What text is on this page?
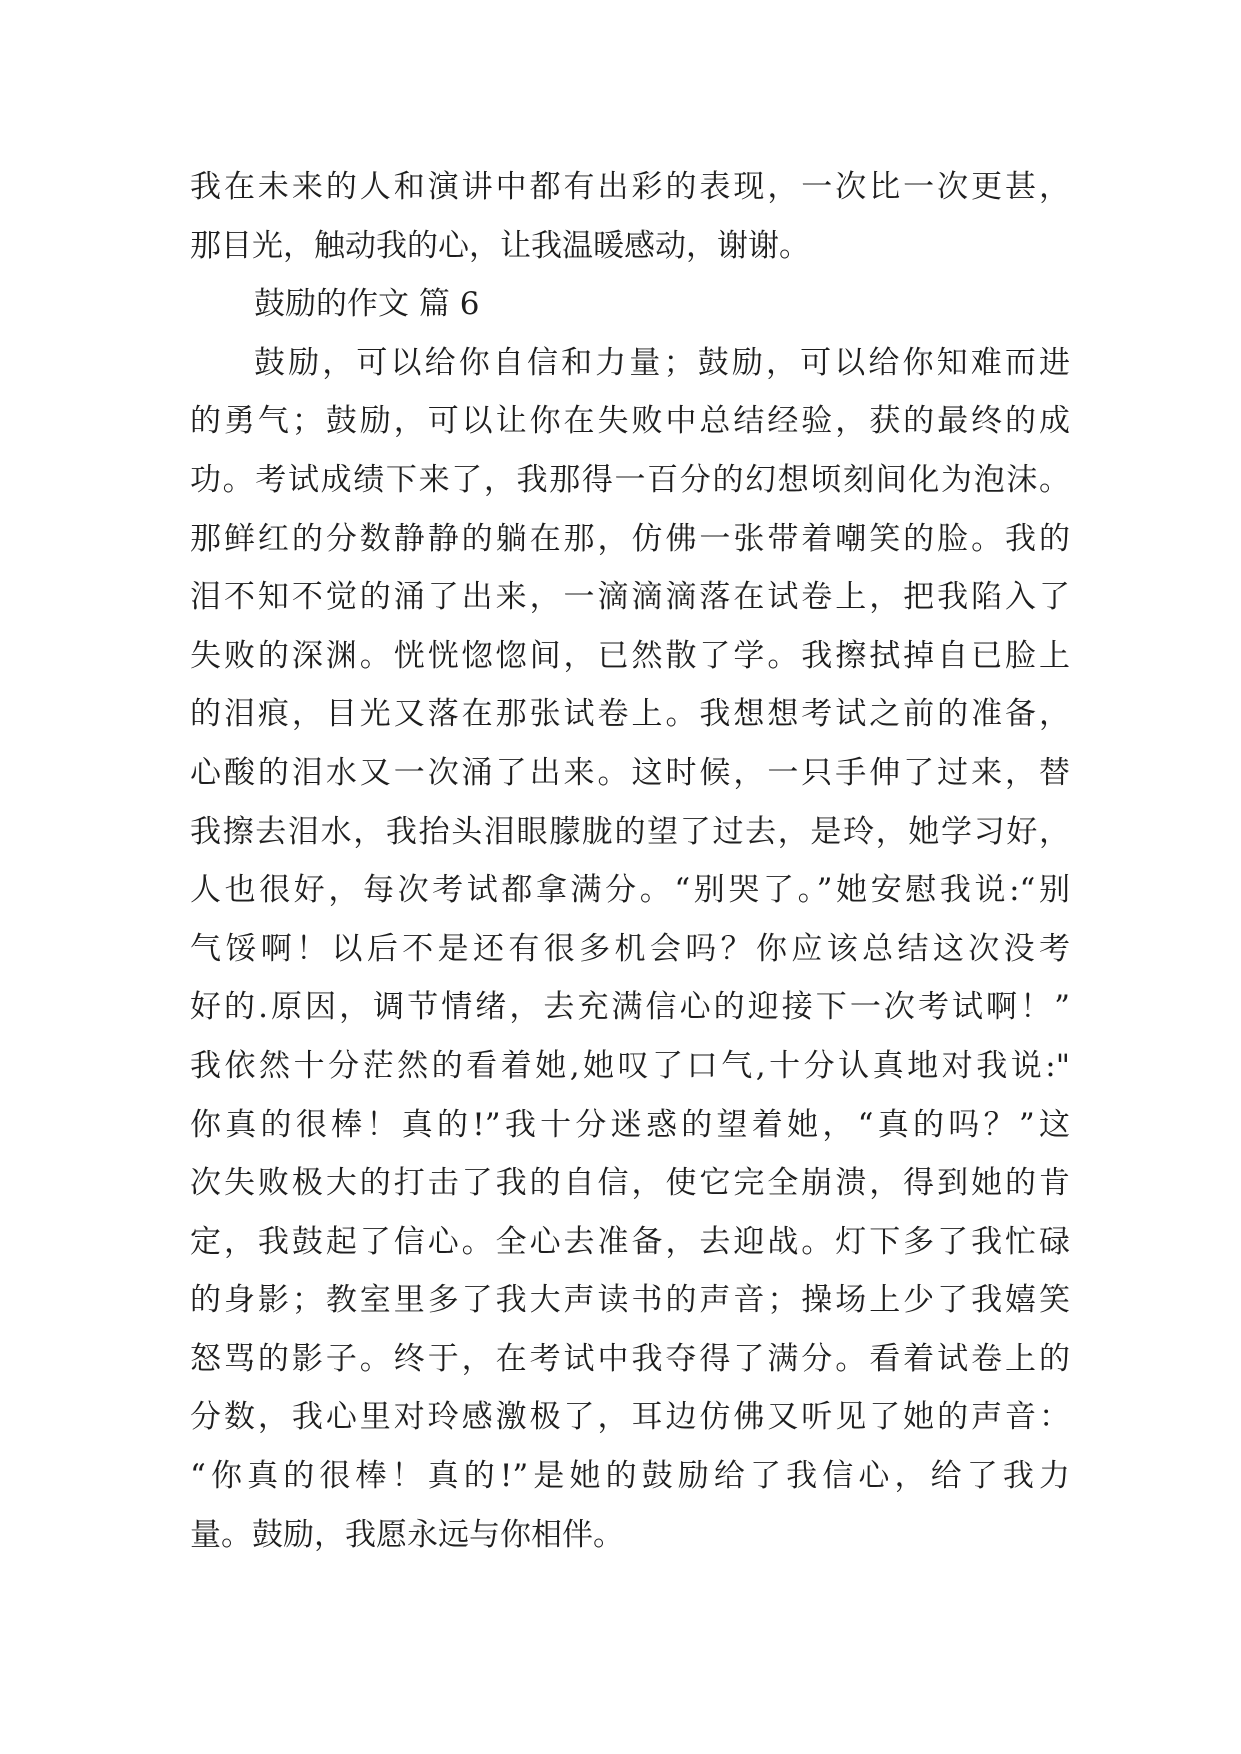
我在未来的人和演讲中都有出彩的表现，一次比一次更甚，
那目光，触动我的心，让我温暖感动，谢谢。
鼓励的作文 篇 6
鼓励，可以给你自信和力量；鼓励，可以给你知难而进
的勇气；鼓励，可以让你在失败中总结经验，获的最终的成
功。考试成绩下来了，我那得一百分的幻想顷刻间化为泡沫。
那鲜红的分数静静的躺在那，仿佛一张带着嘲笑的脸。我的
泪不知不觉的涌了出来，一滴滴滴落在试卷上，把我陷入了
失败的深渊。恍恍惚惚间，已然散了学。我擦拭掉自已脸上
的泪痕，目光又落在那张试卷上。我想想考试之前的准备，
心酸的泪水又一次涌了出来。这时候，一只手伸了过来，替
我擦去泪水，我抬头泪眼朦胧的望了过去，是玲，她学习好，
人也很好，每次考试都拿满分。“别哭了。”她安慰我说:“别
气馁啊！以后不是还有很多机会吗？你应该总结这次没考
好的.原因，调节情绪，去充满信心的迎接下一次考试啊！”
我依然十分茫然的看着她,她叹了口气,十分认真地对我说:"
你真的很棒！真的!”我十分迷惑的望着她，“真的吗？”这
次失败极大的打击了我的自信，使它完全崩溃，得到她的肯
定，我鼓起了信心。全心去准备，去迎战。灯下多了我忙碌
的身影；教室里多了我大声读书的声音；操场上少了我嬉笑
怒骂的影子。终于，在考试中我夺得了满分。看着试卷上的
分数，我心里对玲感激极了，耳边仿佛又听见了她的声音：
“你真的很棒！真的!”是她的鼓励给了我信心，给了我力
量。鼓励，我愿永远与你相伴。
